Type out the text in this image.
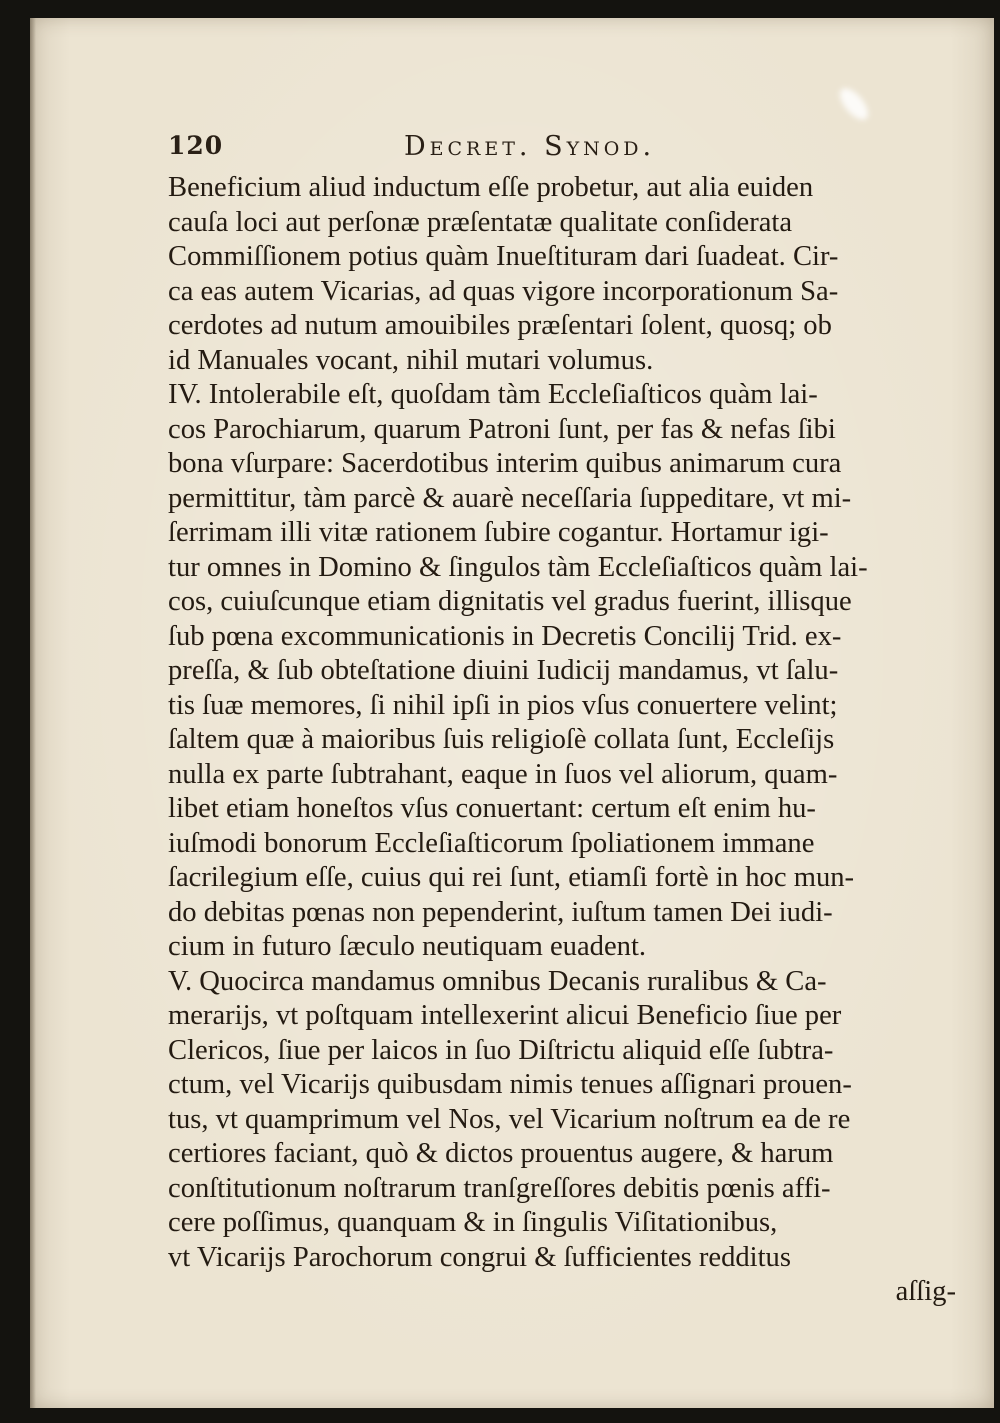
120	Decret. Synod.
Beneficium aliud inductum eſſe probetur, aut alia euiden
cauſa loci aut perſonæ præſentatæ qualitate conſiderata
Commiſſionem potius quàm Inueſtituram dari ſuadeat. Cir-
ca eas autem Vicarias, ad quas vigore incorporationum Sa-
cerdotes ad nutum amouibiles præſentari ſolent, quosq; ob
id Manuales vocant, nihil mutari volumus.
IV. Intolerabile eſt, quoſdam tàm Eccleſiaſticos quàm lai-
cos Parochiarum, quarum Patroni ſunt, per fas & nefas ſibi
bona vſurpare: Sacerdotibus interim quibus animarum cura
permittitur, tàm parcè & auarè neceſſaria ſuppeditare, vt mi-
ſerrimam illi vitæ rationem ſubire cogantur. Hortamur igi-
tur omnes in Domino & ſingulos tàm Eccleſiaſticos quàm lai-
cos, cuiuſcunque etiam dignitatis vel gradus fuerint, illisque
ſub pœna excommunicationis in Decretis Concilij Trid. ex-
preſſa, & ſub obteſtatione diuini Iudicij mandamus, vt ſalu-
tis ſuæ memores, ſi nihil ipſi in pios vſus conuertere velint;
ſaltem quæ à maioribus ſuis religioſè collata ſunt, Eccleſijs
nulla ex parte ſubtrahant, eaque in ſuos vel aliorum, quam-
libet etiam honeſtos vſus conuertant: certum eſt enim hu-
iuſmodi bonorum Eccleſiaſticorum ſpoliationem immane
ſacrilegium eſſe, cuius qui rei ſunt, etiamſi fortè in hoc mun-
do debitas pœnas non pependerint, iuſtum tamen Dei iudi-
cium in futuro ſæculo neutiquam euadent.
V. Quocirca mandamus omnibus Decanis ruralibus & Ca-
merarijs, vt poſtquam intellexerint alicui Beneficio ſiue per
Clericos, ſiue per laicos in ſuo Diſtrictu aliquid eſſe ſubtra-
ctum, vel Vicarijs quibusdam nimis tenues aſſignari prouen-
tus, vt quamprimum vel Nos, vel Vicarium noſtrum ea de re
certiores faciant, quò & dictos prouentus augere, & harum
conſtitutionum noſtrarum tranſgreſſores debitis pœnis affi-
cere poſſimus, quanquam & in ſingulis Viſitationibus,
vt Vicarijs Parochorum congrui & ſufficientes redditus
aſſig-
